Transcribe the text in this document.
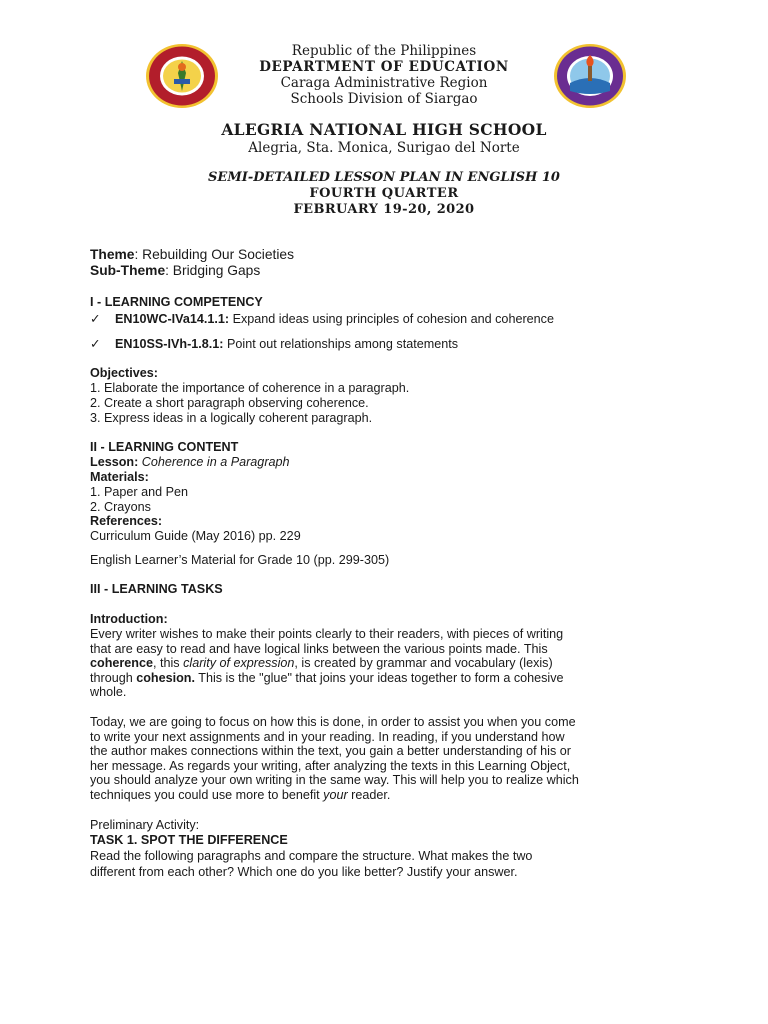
Republic of the Philippines
DEPARTMENT OF EDUCATION
Caraga Administrative Region
Schools Division of Siargao
ALEGRIA NATIONAL HIGH SCHOOL
Alegria, Sta. Monica, Surigao del Norte
SEMI-DETAILED LESSON PLAN IN ENGLISH 10
FOURTH QUARTER
FEBRUARY 19-20, 2020
Theme: Rebuilding Our Societies
Sub-Theme: Bridging Gaps
I - LEARNING COMPETENCY
✓ EN10WC-IVa14.1.1: Expand ideas using principles of cohesion and coherence
✓ EN10SS-IVh-1.8.1: Point out relationships among statements
Objectives:
1. Elaborate the importance of coherence in a paragraph.
2. Create a short paragraph observing coherence.
3. Express ideas in a logically coherent paragraph.
II - LEARNING CONTENT
Lesson: Coherence in a Paragraph
Materials:
1. Paper and Pen
2. Crayons
References:
Curriculum Guide (May 2016) pp. 229
English Learner’s Material for Grade 10 (pp. 299-305)
III - LEARNING TASKS
Introduction:
Every writer wishes to make their points clearly to their readers, with pieces of writing
that are easy to read and have logical links between the various points made. This
coherence, this clarity of expression, is created by grammar and vocabulary (lexis)
through cohesion. This is the "glue" that joins your ideas together to form a cohesive
whole.
Today, we are going to focus on how this is done, in order to assist you when you come
to write your next assignments and in your reading. In reading, if you understand how
the author makes connections within the text, you gain a better understanding of his or
her message. As regards your writing, after analyzing the texts in this Learning Object,
you should analyze your own writing in the same way. This will help you to realize which
techniques you could use more to benefit your reader.
Preliminary Activity:
TASK 1. SPOT THE DIFFERENCE
Read the following paragraphs and compare the structure. What makes the two
different from each other? Which one do you like better? Justify your answer.
